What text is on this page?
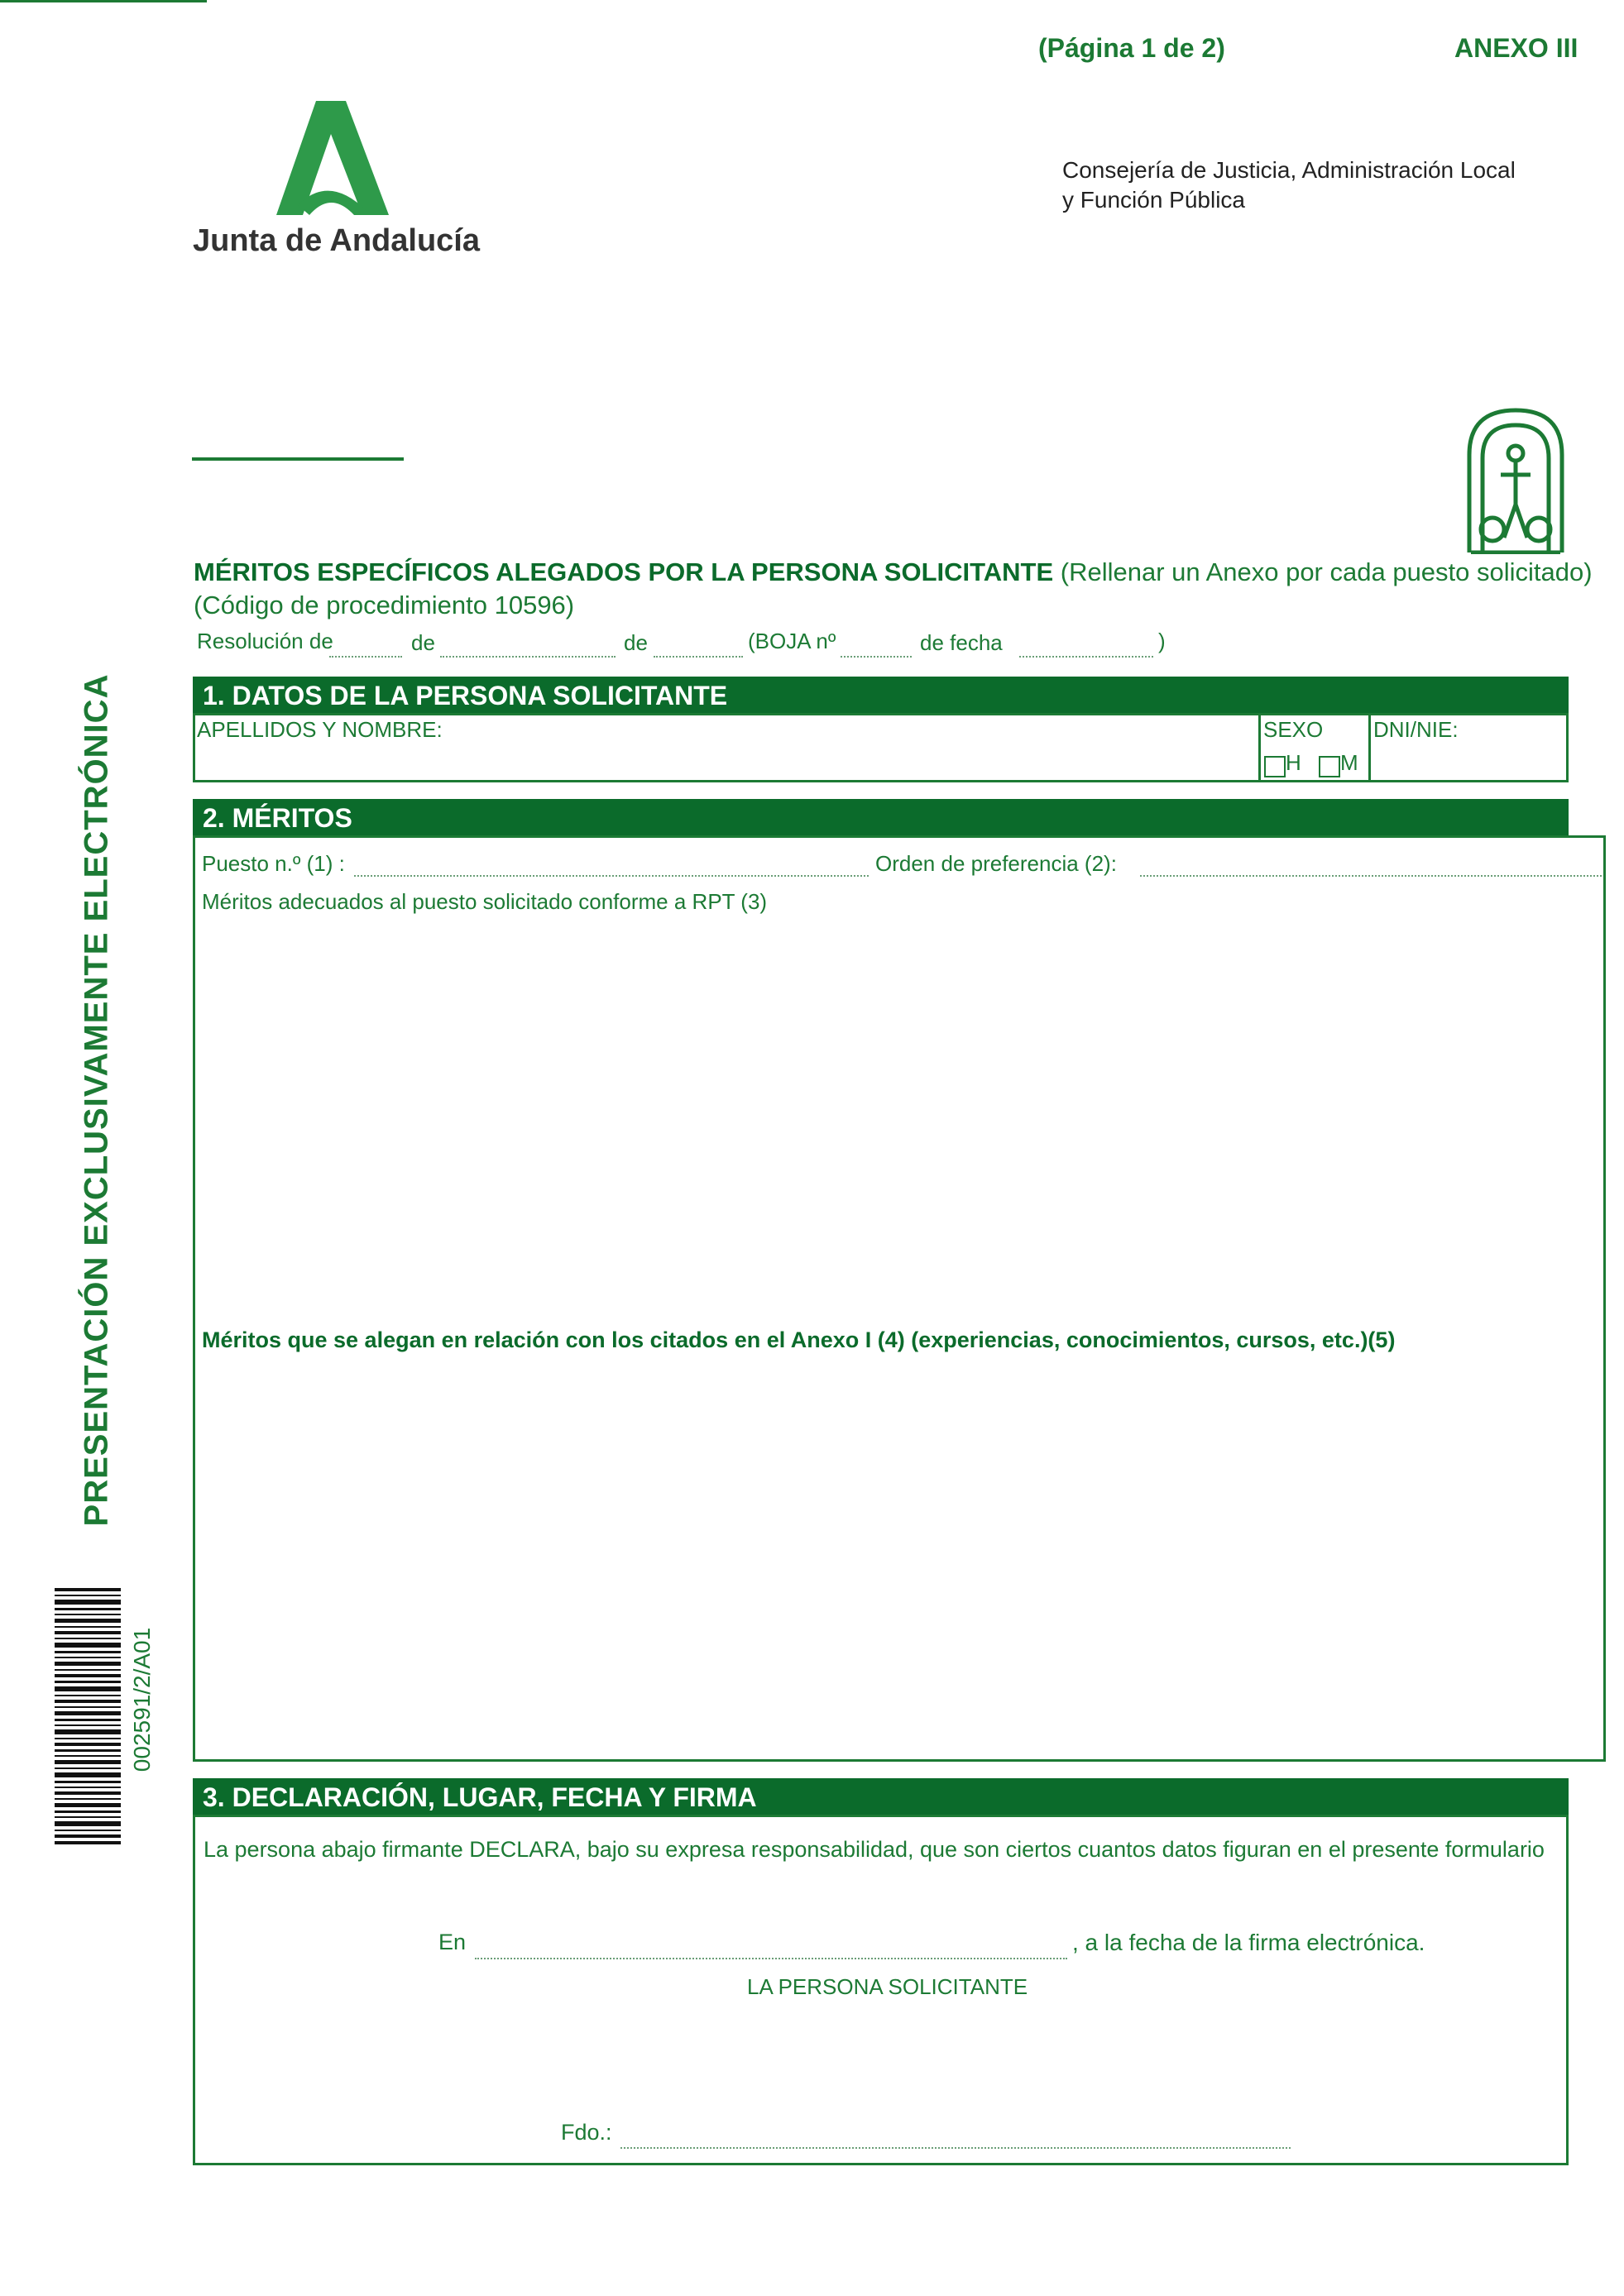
(Página 1 de 2)	ANEXO III
Junta de Andalucía
Consejería de Justicia, Administración Local
y Función Pública
PRESENTACIÓN EXCLUSIVAMENTE ELECTRÓNICA
002591/2/A01
MÉRITOS ESPECÍFICOS ALEGADOS POR LA PERSONA SOLICITANTE (Rellenar un Anexo por cada puesto solicitado)
(Código de procedimiento 10596)
Resolución de	de	de	(BOJA nº	de fecha	)
1. DATOS DE LA PERSONA SOLICITANTE
APELLIDOS Y NOMBRE:	SEXO
H	M
DNI/NIE:
2. MÉRITOS
Puesto n.º (1) :	Orden de preferencia (2):
Méritos adecuados al puesto solicitado conforme a RPT (3)
Méritos que se alegan en relación con los citados en el Anexo I (4) (experiencias, conocimientos, cursos, etc.)(5)
3. DECLARACIÓN, LUGAR, FECHA Y FIRMA
La persona abajo firmante DECLARA, bajo su expresa responsabilidad, que son ciertos cuantos datos figuran en el presente formulario
En	, a la fecha de la firma electrónica.
LA PERSONA SOLICITANTE
Fdo.:
